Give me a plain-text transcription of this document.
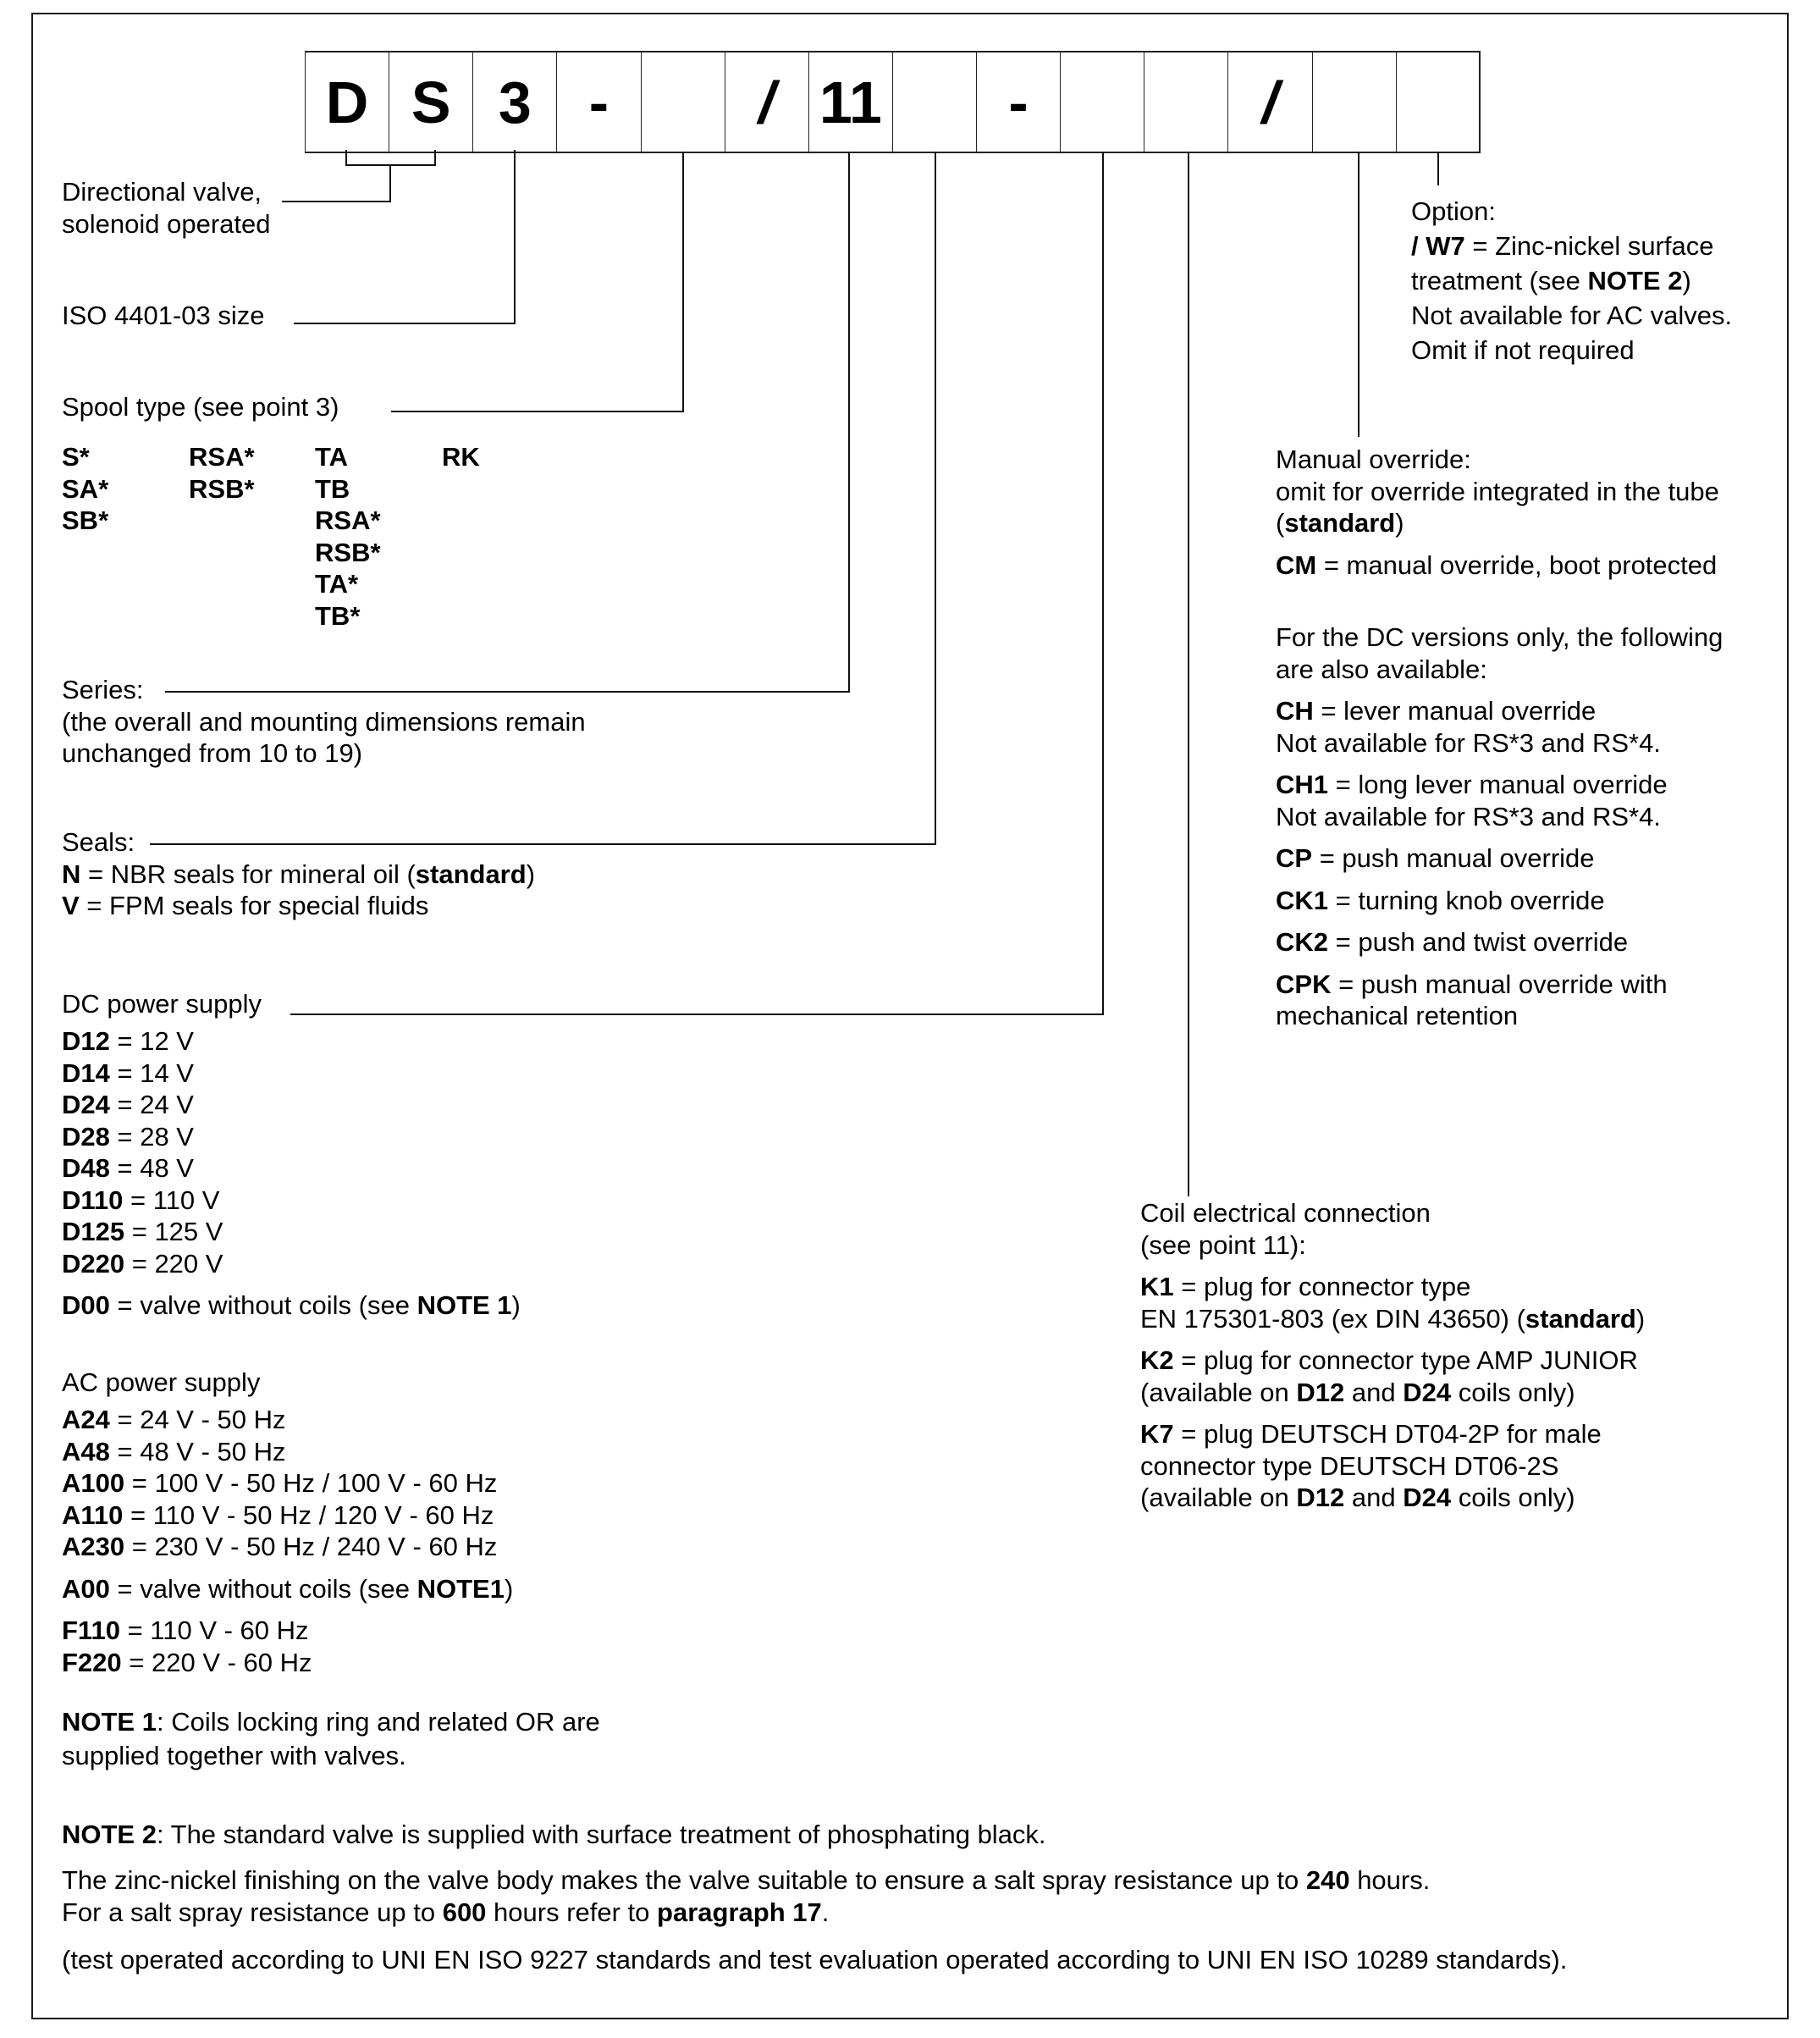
D S 3 -	/ 11 -	/
Directional valve,
solenoid operated
ISO 4401-03 size
Spool type (see point 3)
S*
SA*
SB*
RSA*
RSB*
TA
TB
RSA*
RSB*
TA*
TB*
RK
Series:
(the overall and mounting dimensions remain
unchanged from 10 to 19)
Seals:
N = NBR seals for mineral oil (standard)
V = FPM seals for special fluids
DC power supply
D12 = 12 V
D14 = 14 V
D24 = 24 V
D28 = 28 V
D48 = 48 V
D110 = 110 V
D125 = 125 V
D220 = 220 V
D00 = valve without coils (see NOTE 1)
AC power supply
A24 = 24 V - 50 Hz
A48 = 48 V - 50 Hz
A100 = 100 V - 50 Hz / 100 V - 60 Hz
A110 = 110 V - 50 Hz / 120 V - 60 Hz
A230 = 230 V - 50 Hz / 240 V - 60 Hz
A00 = valve without coils (see NOTE1)
F110 = 110 V - 60 Hz
F220 = 220 V - 60 Hz
NOTE 1: Coils locking ring and related OR are
supplied together with valves.
NOTE 2: The standard valve is supplied with surface treatment of phosphating black.
The zinc-nickel finishing on the valve body makes the valve suitable to ensure a salt spray resistance up to 240 hours.
For a salt spray resistance up to 600 hours refer to paragraph 17.
(test operated according to UNI EN ISO 9227 standards and test evaluation operated according to UNI EN ISO 10289 standards).
Option:
/ W7 = Zinc-nickel surface
treatment (see NOTE 2)
Not available for AC valves.
Omit if not required
Manual override:
omit for override integrated in the tube
(standard)
CM = manual override, boot protected
For the DC versions only, the following
are also available:
CH = lever manual override
Not available for RS*3 and RS*4.
CH1 = long lever manual override
Not available for RS*3 and RS*4.
CP = push manual override
CK1 = turning knob override
CK2 = push and twist override
CPK = push manual override with
mechanical retention
Coil electrical connection
(see point 11):
K1 = plug for connector type
EN 175301-803 (ex DIN 43650) (standard)
K2 = plug for connector type AMP JUNIOR
(available on D12 and D24 coils only)
K7 = plug DEUTSCH DT04-2P for male
connector type DEUTSCH DT06-2S
(available on D12 and D24 coils only)
